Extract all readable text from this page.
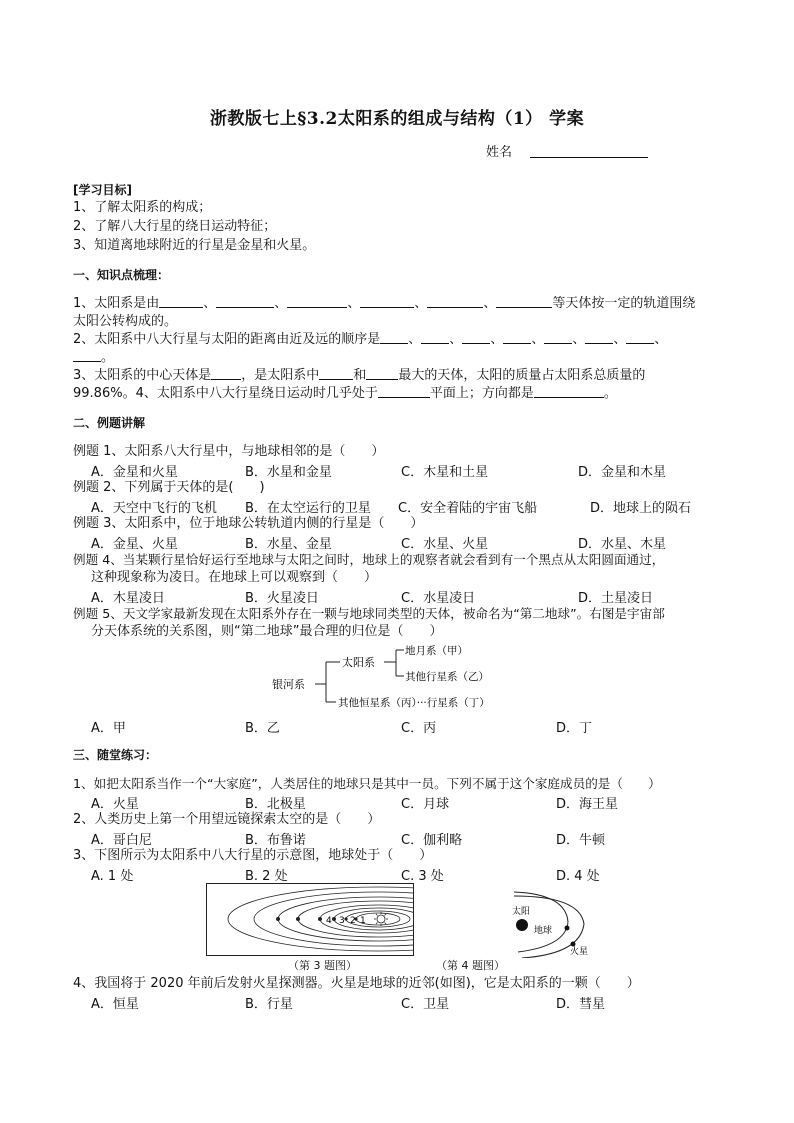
浙教版七上§3.2太阳系的组成与结构（1） 学案
姓名
[学习目标]
1、了解太阳系的构成；
2、了解八大行星的绕日运动特征；
3、知道离地球附近的行星是金星和火星。
一、知识点梳理：
1、太阳系是由	、	、	、	、	、	等天体按一定的轨道围绕
太阳公转构成的。
2、太阳系中八大行星与太阳的距离由近及远的顺序是 、 、 、 、 、 、 、
。
3、太阳系的中心天体是 ，是太阳系中	和 最大的天体，太阳的质量占太阳系总质量的
99.86%。4、太阳系中八大行星绕日运动时几乎处于	平面上；方向都是	。
二、例题讲解
例题 1、太阳系八大行星中，与地球相邻的是（　　）
A．金星和火星	B．水星和金星	C．木星和土星	D．金星和木星
例题 2、下列属于天体的是(　　)
A．天空中飞行的飞机 B．在太空运行的卫星 C．安全着陆的宇宙飞船	D．地球上的陨石
例题 3、太阳系中，位于地球公转轨道内侧的行星是（　　）
A．金星、火星	B．水星、金星	C．水星、火星	D．水星、木星
例题 4、当某颗行星恰好运行至地球与太阳之间时，地球上的观察者就会看到有一个黑点从太阳圆面通过，
这种现象称为凌日。在地球上可以观察到（　　）
A．木星凌日	B．火星凌日	C．水星凌日	D．土星凌日
例题 5、天文学家最新发现在太阳系外存在一颗与地球同类型的天体，被命名为“第二地球”。右图是宇宙部
分天体系统的关系图，则“第二地球”最合理的归位是（　　）
银河系
太阳系
地月系（甲）
其他行星系（乙）
其他恒星系（丙）···行星系（丁）
A．甲	B．乙	C．丙	D．丁
三、随堂练习：
1、如把太阳系当作一个“大家庭”，人类居住的地球只是其中一员。下列不属于这个家庭成员的是（　　）
A．火星	B．北极星	C．月球	D．海王星
2、人类历史上第一个用望远镜探索太空的是（　　）
A．哥白尼	B．布鲁诺	C．伽利略	D．牛顿
3、下图所示为太阳系中八大行星的示意图，地球处于（　　）
A. 1 处	B. 2 处	C. 3 处	D. 4 处
4 3 2 1
（第 3 题图）
太阳
地球
火星
（第 4 题图）
4、我国将于 2020 年前后发射火星探测器。火星是地球的近邻(如图)，它是太阳系的一颗（　　）
A．恒星	B．行星	C．卫星	D．彗星
